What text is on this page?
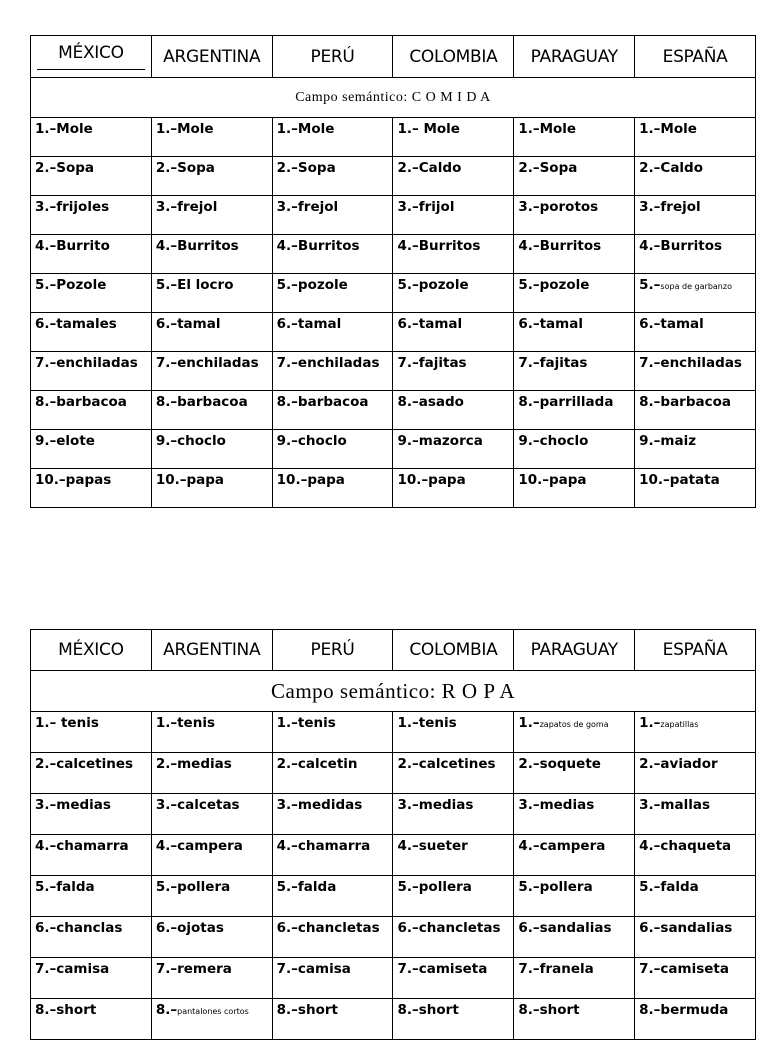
MÉXICO	ARGENTINA	PERÚ	COLOMBIA	PARAGUAY	ESPAÑA
Campo semántico: C O M I D A					
1.–Mole	1.–Mole	1.–Mole	1.– Mole	1.–Mole	1.–Mole
2.–Sopa	2.–Sopa	2.–Sopa	2.–Caldo	2.–Sopa	2.–Caldo
3.–frijoles	3.–frejol	3.–frejol	3.–frijol	3.–porotos	3.–frejol
4.–Burrito	4.–Burritos	4.–Burritos	4.–Burritos	4.–Burritos	4.–Burritos
5.–Pozole	5.–El locro	5.–pozole	5.–pozole	5.–pozole	5.–sopa de garbanzo
6.–tamales	6.–tamal	6.–tamal	6.–tamal	6.–tamal	6.–tamal
7.–enchiladas	7.–enchiladas	7.–enchiladas	7.–fajitas	7.–fajitas	7.–enchiladas
8.–barbacoa	8.–barbacoa	8.–barbacoa	8.–asado	8.–parrillada	8.–barbacoa
9.–elote	9.–choclo	9.–choclo	9.–mazorca	9.–choclo	9.–maiz
10.–papas	10.–papa	10.–papa	10.–papa	10.–papa	10.–patata
MÉXICO	ARGENTINA	PERÚ	COLOMBIA	PARAGUAY	ESPAÑA
Campo semántico: R O P A					
1.– tenis	1.–tenis	1.–tenis	1.–tenis	1.–zapatos de goma	1.–zapatillas
2.–calcetines	2.–medias	2.–calcetin	2.–calcetines	2.–soquete	2.–aviador
3.–medias	3.–calcetas	3.–medidas	3.–medias	3.–medias	3.–mallas
4.–chamarra	4.–campera	4.–chamarra	4.–sueter	4.–campera	4.–chaqueta
5.–falda	5.–pollera	5.–falda	5.–pollera	5.–pollera	5.–falda
6.–chanclas	6.–ojotas	6.–chancletas	6.–chancletas	6.–sandalias	6.–sandalias
7.–camisa	7.–remera	7.–camisa	7.–camiseta	7.–franela	7.–camiseta
8.–short	8.–pantalones cortos	8.–short	8.–short	8.–short	8.–bermuda
